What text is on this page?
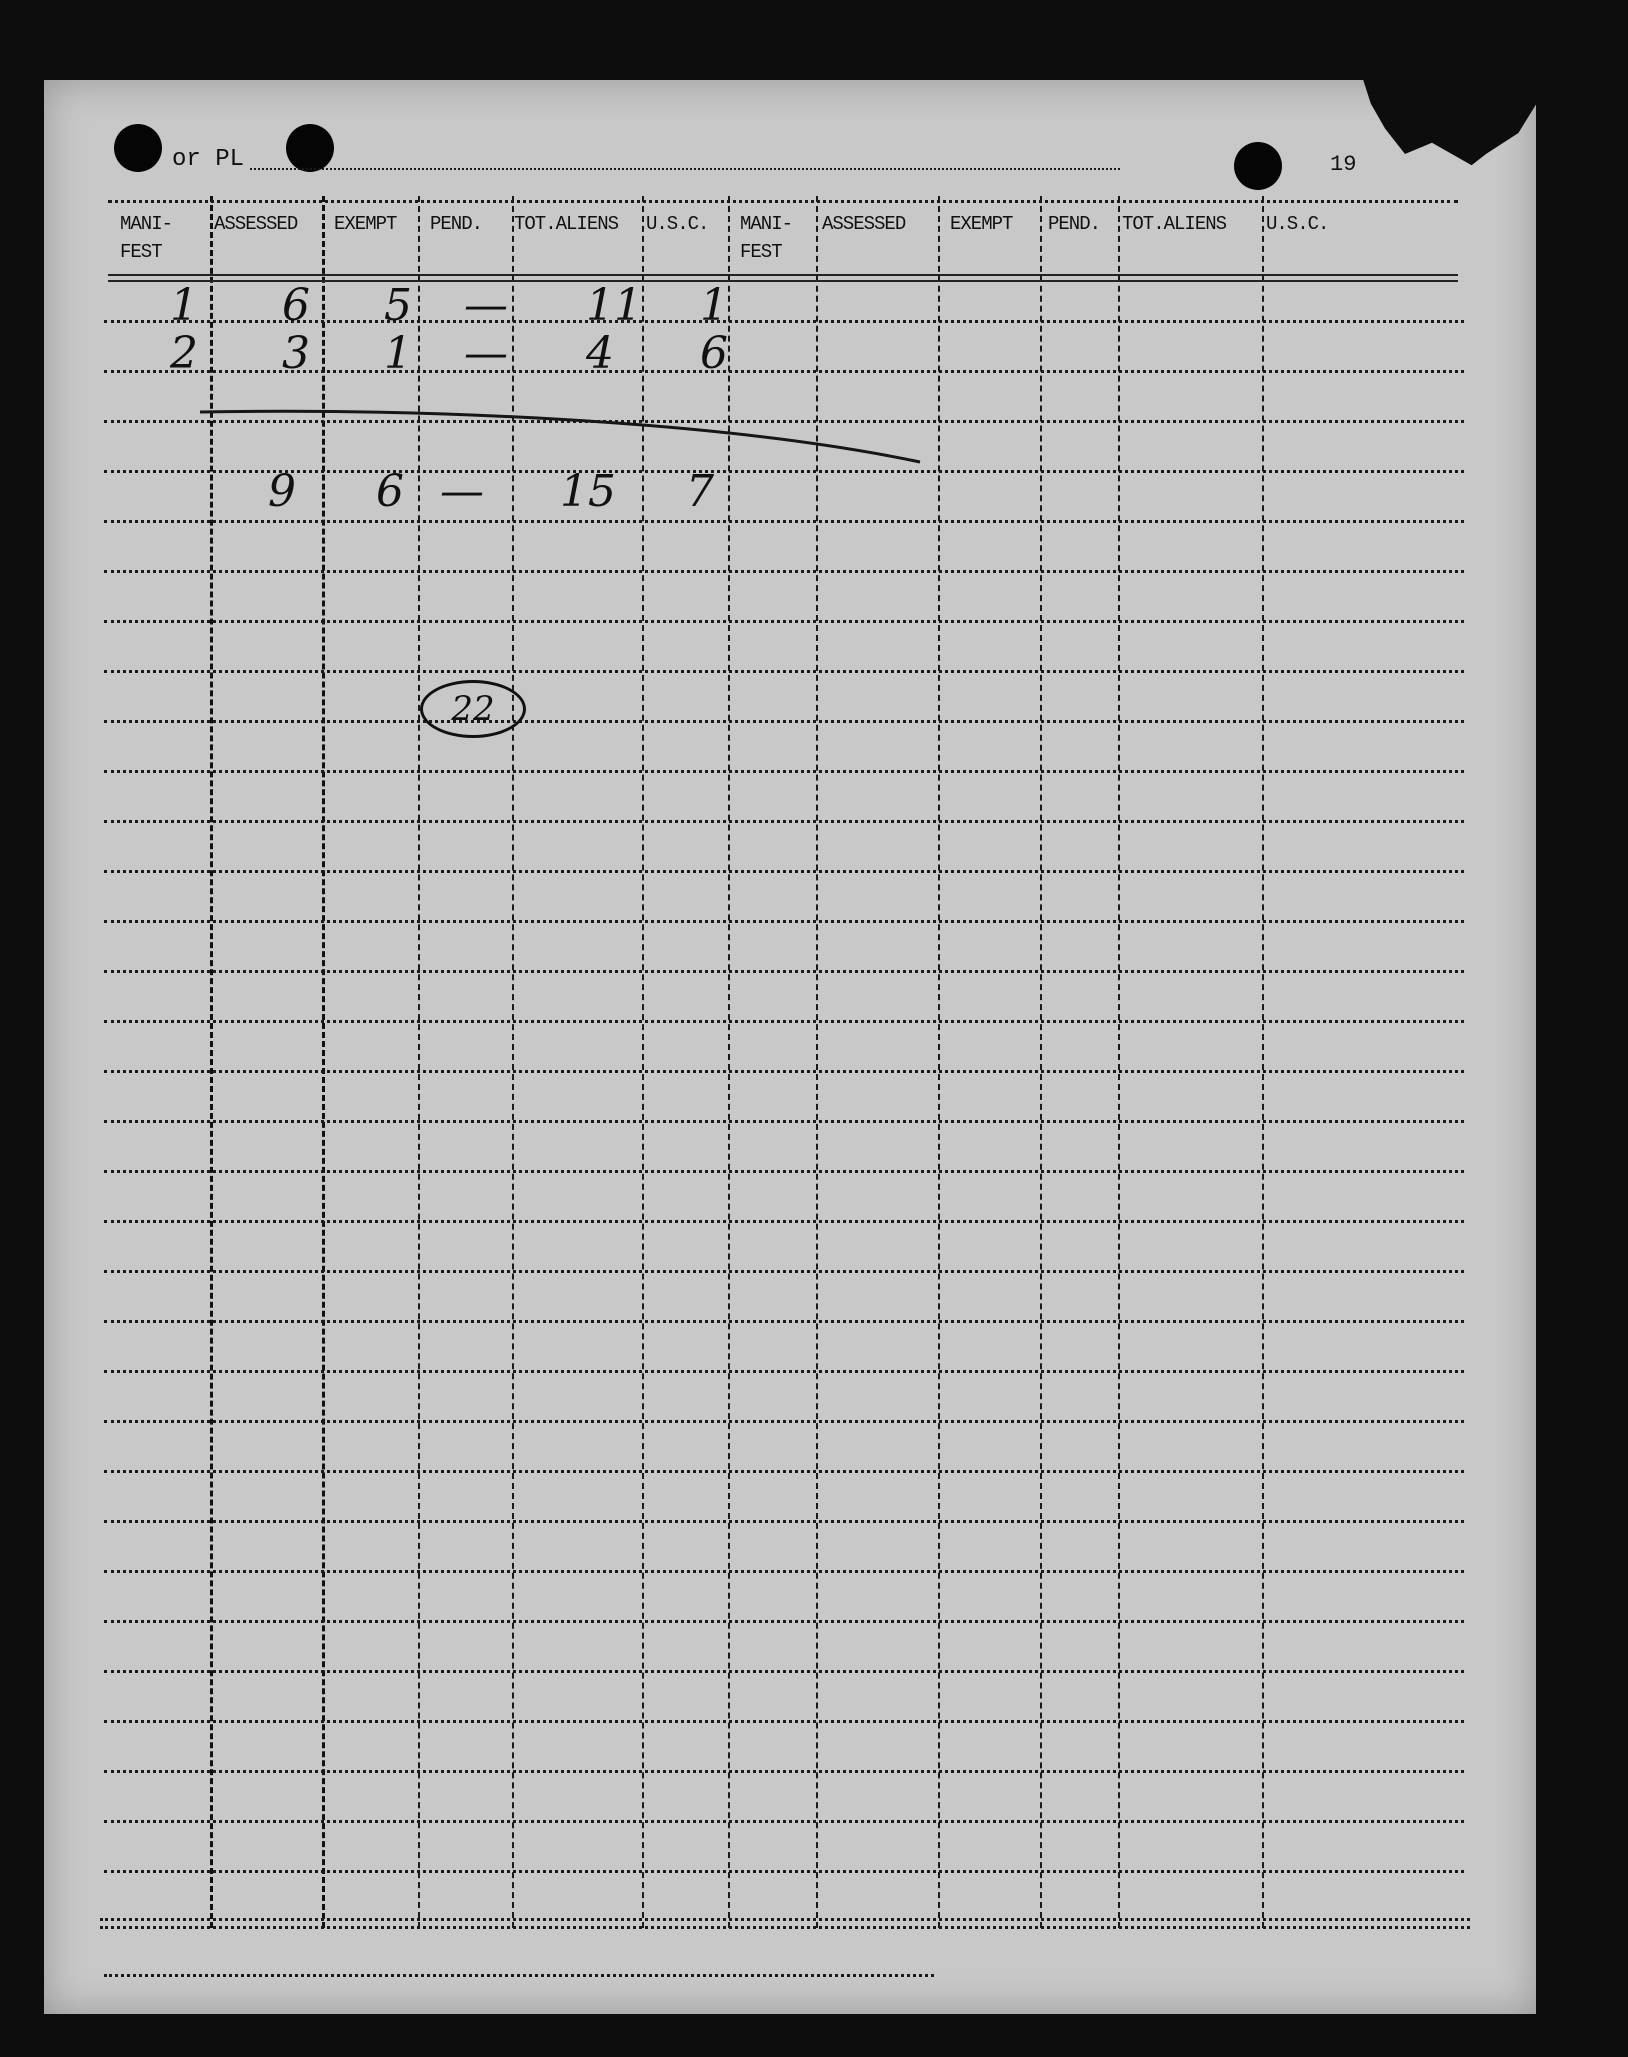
or PL	19
MANI-
FEST
ASSESSED EXEMPT PEND. TOT.ALIENS U.S.C. MANI-
FEST
ASSESSED EXEMPT PEND. TOT.ALIENS U.S.C.
1 6 5 — 11 1
2 3 1 — 4 6
9 6 — 15 7
22
